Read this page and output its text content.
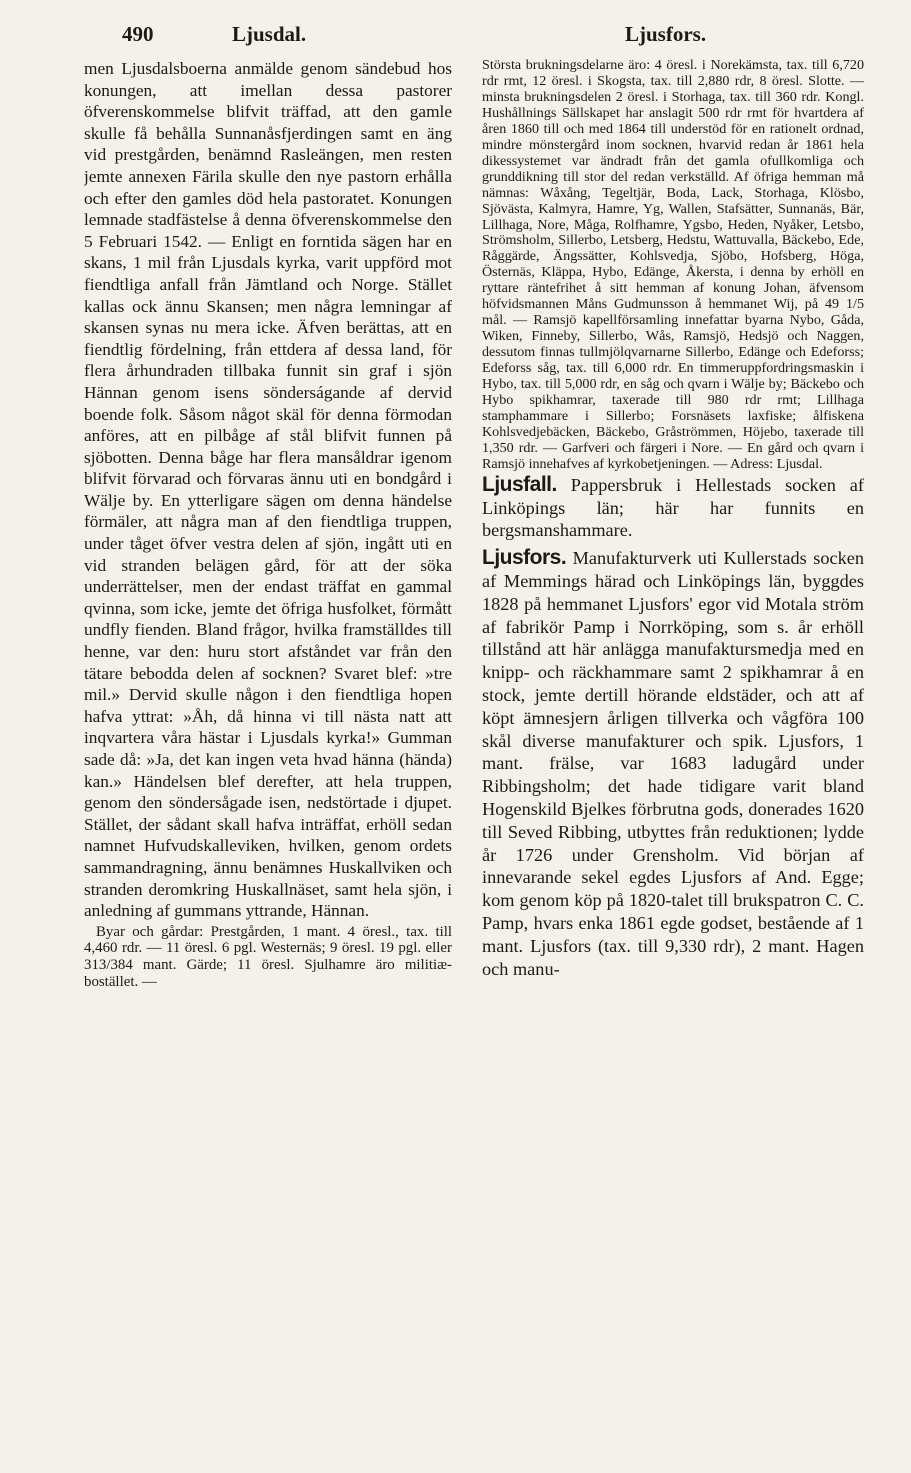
490	Ljusdal.	Ljusfors.

men Ljusdalsboerna anmälde genom sändebud hos konungen, att imellan dessa pastorer öfverenskommelse blifvit träffad, att den gamle skulle få behålla Sunnanåsfjerdingen samt en äng vid prestgården, benämnd Rasleängen, men resten jemte annexen Färila skulle den nye pastorn erhålla och efter den gamles död hela pastoratet. Konungen lemnade stadfästelse å denna öfverenskommelse den 5 Februari 1542. — Enligt en forntida sägen har en skans, 1 mil från Ljusdals kyrka, varit uppförd mot fiendtliga anfall från Jämtland och Norge. Stället kallas ock ännu Skansen; men några lemningar af skansen synas nu mera icke. Äfven berättas, att en fiendtlig fördelning, från ettdera af dessa land, för flera århundraden tillbaka funnit sin graf i sjön Hännan genom isens sönderságande af dervid boende folk. Såsom något skäl för denna förmodan anföres, att en pilbåge af stål blifvit funnen på sjöbotten. Denna båge har flera mansåldrar igenom blifvit förvarad och förvaras ännu uti en bondgård i Wälje by. En ytterligare sägen om denna händelse förmäler, att några man af den fiendtliga truppen, under tåget öfver vestra delen af sjön, ingått uti en vid stranden belägen gård, för att der söka underrättelser, men der endast träffat en gammal qvinna, som icke, jemte det öfriga husfolket, förmått undfly fienden. Bland frågor, hvilka framställdes till henne, var den: huru stort afståndet var från den tätare bebodda delen af socknen? Svaret blef: »tre mil.» Dervid skulle någon i den fiendtliga hopen hafva yttrat: »Åh, då hinna vi till nästa natt att inqvartera våra hästar i Ljusdals kyrka!» Gumman sade då: »Ja, det kan ingen veta hvad hänna (hända) kan.» Händelsen blef derefter, att hela truppen, genom den söndersågade isen, nedstörtade i djupet. Stället, der sådant skall hafva inträffat, erhöll sedan namnet Hufvudskalleviken, hvilken, genom ordets sammandragning, ännu benämnes Huskallviken och stranden deromkring Huskallnäset, samt hela sjön, i anledning af gummans yttrande, Hännan.

Byar och gårdar: Prestgården, 1 mant. 4 öresl., tax. till 4,460 rdr. — 11 öresl. 6 pgl. Westernäs; 9 öresl. 19 pgl. eller 313/384 mant. Gärde; 11 öresl. Sjulhamre äro militiæ-bostället. —

Största brukningsdelarne äro: 4 öresl. i Norekämsta, tax. till 6,720 rdr rmt, 12 öresl. i Skogsta, tax. till 2,880 rdr, 8 öresl. Slotte. — minsta brukningsdelen 2 öresl. i Storhaga, tax. till 360 rdr. Kongl. Hushållnings Sällskapet har anslagit 500 rdr rmt för hvartdera af åren 1860 till och med 1864 till understöd för en rationelt ordnad, mindre mönstergård inom socknen, hvarvid redan år 1861 hela dikessystemet var ändradt från det gamla ofullkomliga och grunddikning till stor del redan verkställd. Af öfriga hemman må nämnas: Wåxång, Tegeltjär, Boda, Lack, Storhaga, Klösbo, Sjövästa, Kalmyra, Hamre, Yg, Wallen, Stafsätter, Sunnanäs, Bär, Lillhaga, Nore, Måga, Rolfhamre, Ygsbo, Heden, Nyåker, Letsbo, Strömsholm, Sillerbo, Letsberg, Hedstu, Wattuvalla, Bäckebo, Ede, Råggärde, Ängssätter, Kohlsvedja, Sjöbo, Hofsberg, Höga, Östernäs, Kläppa, Hybo, Edänge, Åkersta, i denna by erhöll en ryttare räntefrihet å sitt hemman af konung Johan, äfvensom höfvidsmannen Måns Gudmunsson å hemmanet Wij, på 49 1/5 mål. — Ramsjö kapellförsamling innefattar byarna Nybo, Gåda, Wiken, Finneby, Sillerbo, Wås, Ramsjö, Hedsjö och Naggen, dessutom finnas tullmjölqvarnarne Sillerbo, Edänge och Edeforss; Edeforss såg, tax. till 6,000 rdr. En timmeruppfordringsmaskin i Hybo, tax. till 5,000 rdr, en såg och qvarn i Wälje by; Bäckebo och Hybo spikhamrar, taxerade till 980 rdr rmt; Lillhaga stamphammare i Sillerbo; Forsnäsets laxfiske; ålfiskena Kohlsvedjebäcken, Bäckebo, Gråströmmen, Höjebo, taxerade till 1,350 rdr. — Garfveri och färgeri i Nore. — En gård och qvarn i Ramsjö innehafves af kyrkobetjeningen. — Adress: Ljusdal.

Ljusfall. Pappersbruk i Hellestads socken af Linköpings län; här har funnits en bergsmanshammare.

Ljusfors. Manufakturverk uti Kullerstads socken af Memmings härad och Linköpings län, byggdes 1828 på hemmanet Ljusfors' egor vid Motala ström af fabrikör Pamp i Norrköping, som s. år erhöll tillstånd att här anlägga manufaktursmedja med en knipp- och räckhammare samt 2 spikhamrar å en stock, jemte dertill hörande eldstäder, och att af köpt ämnesjern årligen tillverka och vågföra 100 skål diverse manufakturer och spik. Ljusfors, 1 mant. frälse, var 1683 ladugård under Ribbingsholm; det hade tidigare varit bland Hogenskild Bjelkes förbrutna gods, donerades 1620 till Seved Ribbing, utbyttes från reduktionen; lydde år 1726 under Grensholm. Vid början af innevarande sekel egdes Ljusfors af And. Egge; kom genom köp på 1820-talet till brukspatron C. C. Pamp, hvars enka 1861 egde godset, bestående af 1 mant. Ljusfors (tax. till 9,330 rdr), 2 mant. Hagen och manu-
